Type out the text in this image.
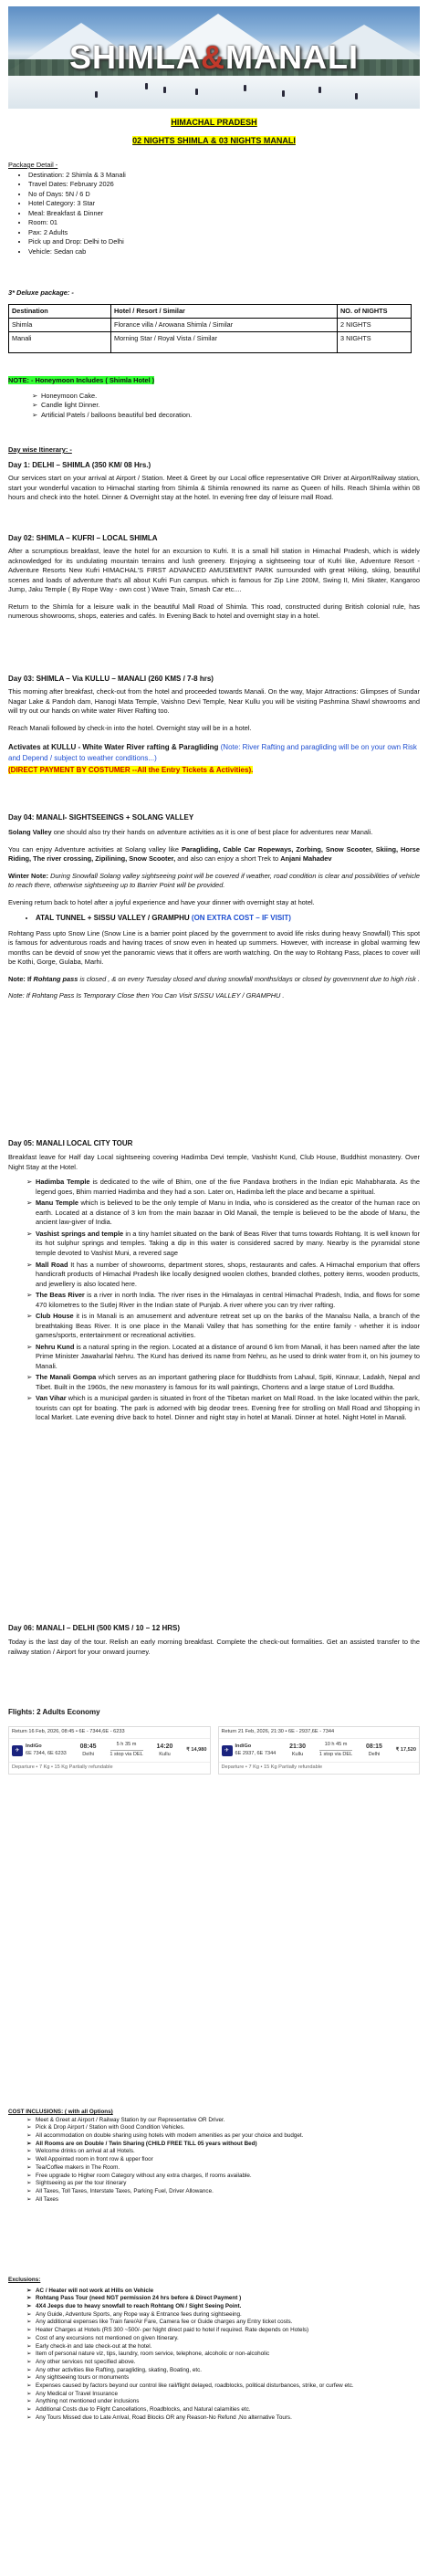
SHIMLA&MANALI

HIMACHAL PRADESH

02 NIGHTS SHIMLA & 03 NIGHTS MANALI

Package Detail -

• Destination: 2 Shimla & 3 Manali
• Travel Dates: February 2026
• No of Days: 5N / 6 D
• Hotel Category: 3 Star
• Meal: Breakfast & Dinner
• Room: 01
• Pax: 2 Adults
• Pick up and Drop: Delhi to Delhi
• Vehicle: Sedan cab

3* Deluxe package: -

Destination	Hotel / Resort / Similar	NO. of NIGHTS
Shimla	Florance villa / Arowana Shimla / Similar	2 NIGHTS
Manali	Morning Star / Royal Vista / Similar	3 NIGHTS

NOTE: - Honeymoon Includes ( Shimla Hotel )

➢ Honeymoon Cake.
➢ Candle light Dinner.
➢ Artificial Patels / balloons beautiful bed decoration.

Day wise Itinerary: -

Day 1: DELHI – SHIMLA (350 KM/ 08 Hrs.)

Our services start on your arrival at Airport / Station. Meet & Greet by our Local office representative OR Driver at Airport/Railway station, start your wonderful vacation to Himachal starting from Shimla & Shimla renowned its name as Queen of hills. Reach Shimla within 08 hours and check into the hotel. Dinner & Overnight stay at the hotel. In evening free day of leisure mall Road.

Day 02: SHIMLA – KUFRI – LOCAL SHIMLA

After a scrumptious breakfast, leave the hotel for an excursion to Kufri. It is a small hill station in Himachal Pradesh, which is widely acknowledged for its undulating mountain terrains and lush greenery. Enjoying a sightseeing tour of Kufri like, Adventure Resort - Adventure Resorts New Kufri HIMACHAL'S FIRST ADVANCED AMUSEMENT PARK surrounded with great Hiking, skiing, beautiful scenes and loads of adventure that's all about Kufri Fun campus. which is famous for Zip Line 200M, Swing II, Mini Skater, Kangaroo Jump, Jaku Temple ( By Rope Way - own cost ) Wave Train, Smash Car etc....

Return to the Shimla for a leisure walk in the beautiful Mall Road of Shimla. This road, constructed during British colonial rule, has numerous showrooms, shops, eateries and cafés. In Evening Back to hotel and overnight stay in a hotel.

Day 03: SHIMLA – Via KULLU – MANALI (260 KMS / 7-8 hrs)

This morning after breakfast, check-out from the hotel and proceeded towards Manali. On the way, Major Attractions: Glimpses of Sundar Nagar Lake & Pandoh dam, Hanogi Mata Temple, Vaishno Devi Temple, Near Kullu you will be visiting Pashmina Shawl showrooms and will try out our hands on white water River Rafting too.

Reach Manali followed by check-in into the hotel. Overnight stay will be in a hotel.

Activates at KULLU - White Water River rafting & Paragliding (Note: River Rafting and paragliding will be on your own Risk and Depend / subject to weather conditions...)

(DIRECT PAYMENT BY COSTUMER --All the Entry Tickets & Activities).

Day 04: MANALI- SIGHTSEEINGS + SOLANG VALLEY

Solang Valley one should also try their hands on adventure activities as it is one of best place for adventures near Manali.

You can enjoy Adventure activities at Solang valley like Paragliding, Cable Car Ropeways, Zorbing, Snow Scooter, Skiing, Horse Riding, The river crossing, Zipilining, Snow Scooter, and also can enjoy a short Trek to Anjani Mahadev

Winter Note: During Snowfall Solang valley sightseeing point will be covered if weather, road condition is clear and possibilities of vehicle to reach there, otherwise sightseeing up to Barrier Point will be provided.

Evening return back to hotel after a joyful experience and have your dinner with overnight stay at hotel.

• ATAL TUNNEL + SISSU VALLEY / GRAMPHU (ON EXTRA COST – IF VISIT)

Rohtang Pass upto Snow Line (Snow Line is a barrier point placed by the government to avoid life risks during heavy Snowfall) This spot is famous for adventurous roads and having traces of snow even in heated up summers. However, with increase in global warming few months can be devoid of snow yet the panoramic views that it offers are worth watching. On the way to Rohtang Pass, places to cover will be Kothi, Gorge, Gulaba, Marhi.

Note: If Rohtang pass is closed , & on every Tuesday closed and during snowfall months/days or closed by government due to high risk .

Note: If Rohtang Pass Is Temporary Close then You Can Visit SISSU VALLEY / GRAMPHU .

Day 05: MANALI LOCAL CITY TOUR

Breakfast leave for Half day Local sightseeing covering Hadimba Devi temple, Vashisht Kund, Club House, Buddhist monastery. Over Night Stay at the Hotel.

➢ Hadimba Temple is dedicated to the wife of Bhim, one of the five Pandava brothers in the Indian epic Mahabharata. As the legend goes, Bhim married Hadimba and they had a son. Later on, Hadimba left the place and became a spiritual.
➢ Manu Temple which is believed to be the only temple of Manu in India, who is considered as the creator of the human race on earth. Located at a distance of 3 km from the main bazaar in Old Manali, the temple is believed to be the abode of Manu, the ancient law-giver of India.
➢ Vashist springs and temple in a tiny hamlet situated on the bank of Beas River that turns towards Rohtang. It is well known for its hot sulphur springs and temples. Taking a dip in this water is considered sacred by many. Nearby is the pyramidal stone temple devoted to Vashist Muni, a revered sage
➢ Mall Road It has a number of showrooms, department stores, shops, restaurants and cafes. A Himachal emporium that offers handicraft products of Himachal Pradesh like locally designed woolen clothes, branded clothes, pottery items, wooden products, and jewellery is also located here.
➢ The Beas River is a river in north India. The river rises in the Himalayas in central Himachal Pradesh, India, and flows for some 470 kilometres to the Sutlej River in the Indian state of Punjab. A river where you can try river rafting.
➢ Club House it is in Manali is an amusement and adventure retreat set up on the banks of the Manalsu Nalla, a branch of the breathtaking Beas River. It is one place in the Manali Valley that has something for the entire family - whether it is indoor games/sports, entertainment or recreational activities.
➢ Nehru Kund is a natural spring in the region. Located at a distance of around 6 km from Manali, it has been named after the late Prime Minister Jawaharlal Nehru. The Kund has derived its name from Nehru, as he used to drink water from it, on his journey to Manali.
➢ The Manali Gompa which serves as an important gathering place for Buddhists from Lahaul, Spiti, Kinnaur, Ladakh, Nepal and Tibet. Built in the 1960s, the new monastery is famous for its wall paintings, Chortens and a large statue of Lord Buddha.
➢ Van Vihar which is a municipal garden is situated in front of the Tibetan market on Mall Road. In the lake located within the park, tourists can opt for boating. The park is adorned with big deodar trees. Evening free for strolling on Mall Road and Shopping in local Market. Late evening drive back to hotel. Dinner and night stay in hotel at Manali. Dinner at hotel. Night Hotel in Manali.

Day 06: MANALI – DELHI (500 KMS / 10 – 12 HRS)

Today is the last day of the tour. Relish an early morning breakfast. Complete the check-out formalities. Get an assisted transfer to the railway station / Airport for your onward journey.

Flights: 2 Adults Economy

Return 16 Feb, 2026, 08:45 • 6E - 7344,6E - 6233
✈
IndiGo
6E 7344, 6E 6233
08:45
Delhi
5 h 35 m
1 stop via DEL
14:20
Kullu
₹ 14,980
Departure • 7 Kg • 15 Kg Partially refundable
Return 21 Feb, 2026, 21:30 • 6E - 2937,6E - 7344
✈
IndiGo
6E 2937, 6E 7344
21:30
Kullu
10 h 45 m
1 stop via DEL
08:15
Delhi
₹ 17,520
Departure • 7 Kg • 15 Kg Partially refundable

COST INCLUSIONS: ( with all Options)

➢ Meet & Greet at Airport / Railway Station by our Representative OR Driver.
➢ Pick & Drop Airport / Station with Good Condition Vehicles.
➢ All accommodation on double sharing using hotels with modern amenities as per your choice and budget.
➢ All Rooms are on Double / Twin Sharing (CHILD FREE TILL 05 years without Bed)
➢ Welcome drinks on arrival at all Hotels.
➢ Well Appointed room in front row & upper floor
➢ Tea/Coffee makers in The Room.
➢ Free upgrade to Higher room Category without any extra charges, If rooms available.
➢ Sightseeing as per the tour itinerary
➢ All Taxes, Toll Taxes, Interstate Taxes, Parking Fuel, Driver Allowance.
➢ All Taxes

Exclusions:

➢ AC / Heater will not work at Hills on Vehicle
➢ Rohtang Pass Tour (need NGT permission 24 hrs before & Direct Payment )
➢ 4X4 Jeeps due to heavy snowfall to reach Rohtang ON / Sight Seeing Point.
➢ Any Guide, Adventure Sports, any Rope way & Entrance fees during sightseeing.
➢ Any additional expenses like Train fare/Air Fare, Camera fee or Guide charges any Entry ticket costs.
➢ Heater Charges at Hotels (RS 300 ~500/- per Night direct paid to hotel if required. Rate depends on Hotels)
➢ Cost of any excursions not mentioned on given Itinerary.
➢ Early check-in and late check-out at the hotel.
➢ Item of personal nature viz, tips, laundry, room service, telephone, alcoholic or non-alcoholic
➢ Any other services not specified above.
➢ Any other activities like Rafting, paragliding, skating, Boating, etc.
➢ Any sightseeing tours or monuments
➢ Expenses caused by factors beyond our control like rail/flight delayed, roadblocks, political disturbances, strike, or curfew etc.
➢ Any Medical or Travel Insurance
➢ Anything not mentioned under inclusions
➢ Additional Costs due to Flight Cancellations, Roadblocks, and Natural calamities etc.
➢ Any Tours Missed due to Late Arrival, Road Blocks OR any Reason-No Refund ,No alternative Tours.
